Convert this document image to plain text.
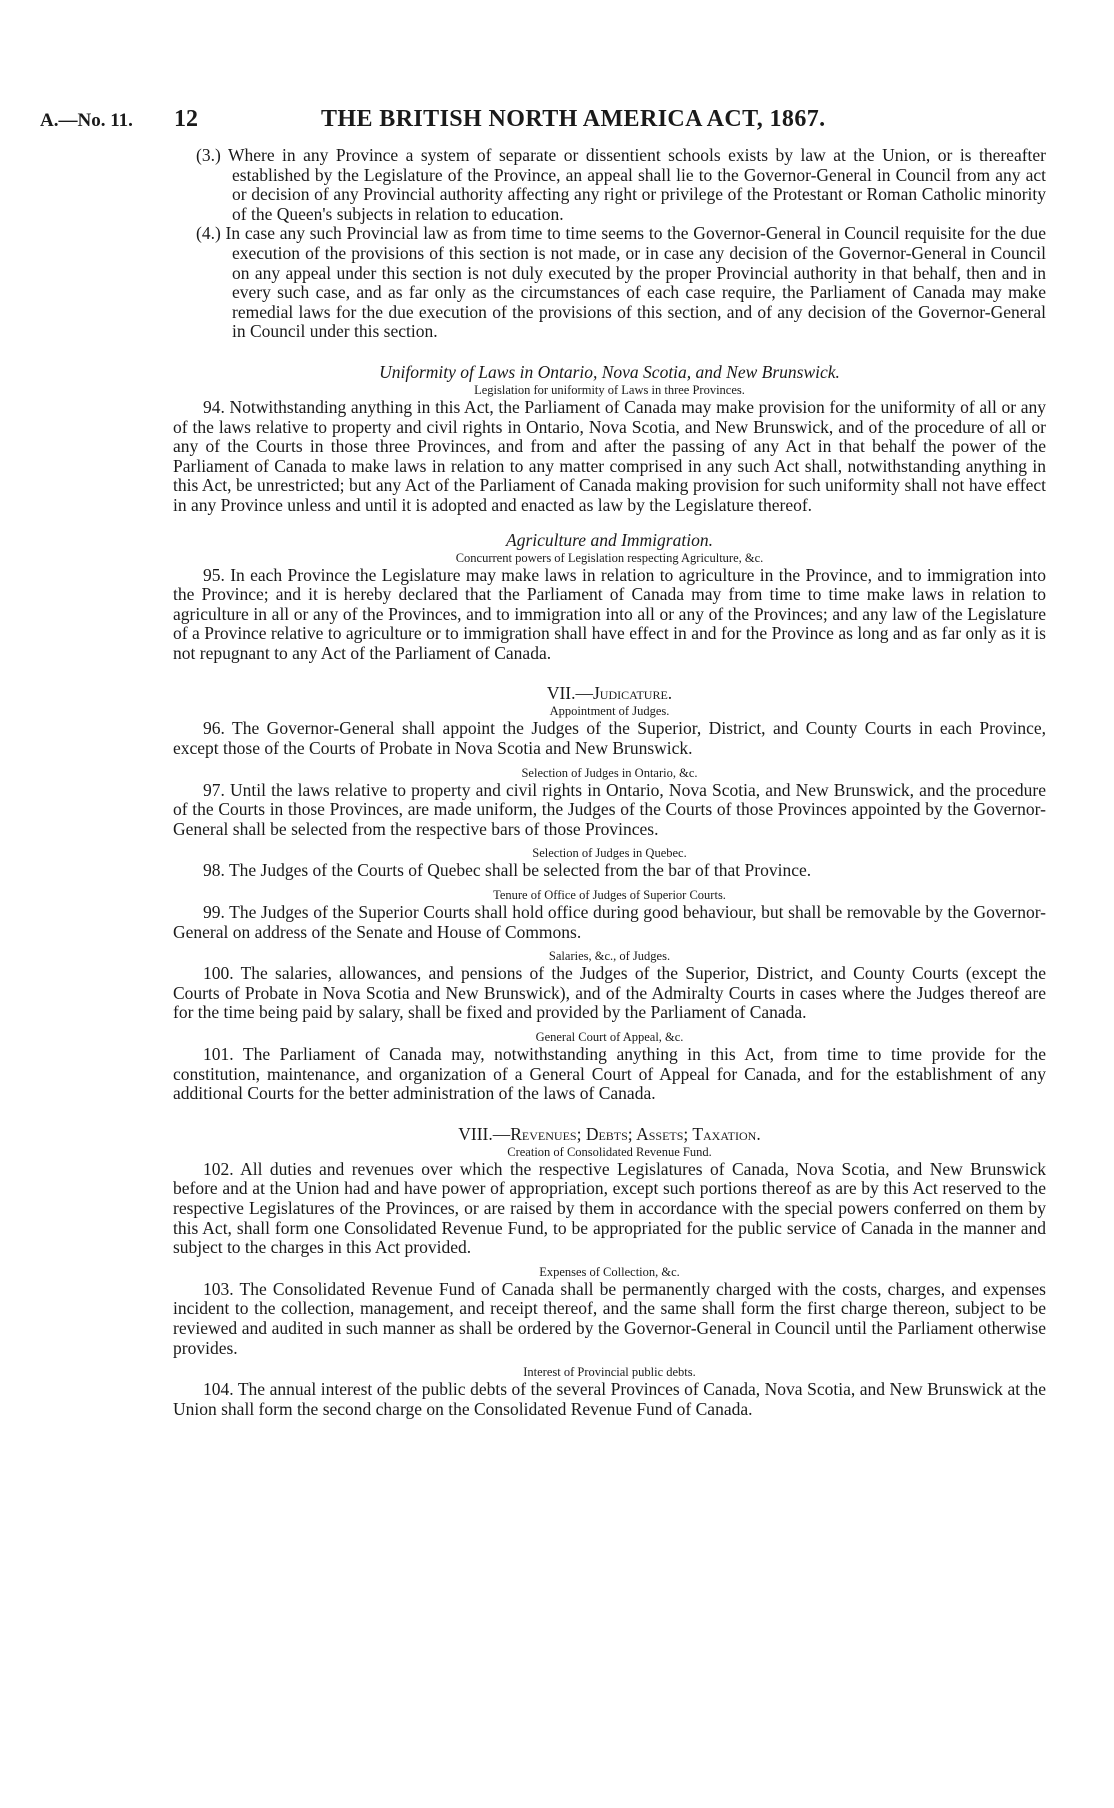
A.—No. 11. 12	THE BRITISH NORTH AMERICA ACT, 1867.

(3.) Where in any Province a system of separate or dissentient schools exists by law at the Union, or is thereafter established by the Legislature of the Province, an appeal shall lie to the Governor-General in Council from any act or decision of any Provincial authority affecting any right or privilege of the Protestant or Roman Catholic minority of the Queen's subjects in relation to education.

(4.) In case any such Provincial law as from time to time seems to the Governor-General in Council requisite for the due execution of the provisions of this section is not made, or in case any decision of the Governor-General in Council on any appeal under this section is not duly executed by the proper Provincial authority in that behalf, then and in every such case, and as far only as the circumstances of each case require, the Parliament of Canada may make remedial laws for the due execution of the provisions of this section, and of any decision of the Governor-General in Council under this section.

Uniformity of Laws in Ontario, Nova Scotia, and New Brunswick.

Legislation for uniformity of Laws in three Provinces.

94. Notwithstanding anything in this Act, the Parliament of Canada may make provision for the uniformity of all or any of the laws relative to property and civil rights in Ontario, Nova Scotia, and New Brunswick, and of the procedure of all or any of the Courts in those three Provinces, and from and after the passing of any Act in that behalf the power of the Parliament of Canada to make laws in relation to any matter comprised in any such Act shall, notwithstanding anything in this Act, be unrestricted; but any Act of the Parliament of Canada making provision for such uniformity shall not have effect in any Province unless and until it is adopted and enacted as law by the Legislature thereof.

Agriculture and Immigration.

Concurrent powers of Legislation respecting Agriculture, &c.

95. In each Province the Legislature may make laws in relation to agriculture in the Province, and to immigration into the Province; and it is hereby declared that the Parliament of Canada may from time to time make laws in relation to agriculture in all or any of the Provinces, and to immigration into all or any of the Provinces; and any law of the Legislature of a Province relative to agriculture or to immigration shall have effect in and for the Province as long and as far only as it is not repugnant to any Act of the Parliament of Canada.

VII.—Judicature.

Appointment of Judges.

96. The Governor-General shall appoint the Judges of the Superior, District, and County Courts in each Province, except those of the Courts of Probate in Nova Scotia and New Brunswick.

Selection of Judges in Ontario, &c.

97. Until the laws relative to property and civil rights in Ontario, Nova Scotia, and New Brunswick, and the procedure of the Courts in those Provinces, are made uniform, the Judges of the Courts of those Provinces appointed by the Governor-General shall be selected from the respective bars of those Provinces.

Selection of Judges in Quebec.

98. The Judges of the Courts of Quebec shall be selected from the bar of that Province.

Tenure of Office of Judges of Superior Courts.

99. The Judges of the Superior Courts shall hold office during good behaviour, but shall be removable by the Governor-General on address of the Senate and House of Commons.

Salaries, &c., of Judges.

100. The salaries, allowances, and pensions of the Judges of the Superior, District, and County Courts (except the Courts of Probate in Nova Scotia and New Brunswick), and of the Admiralty Courts in cases where the Judges thereof are for the time being paid by salary, shall be fixed and provided by the Parliament of Canada.

General Court of Appeal, &c.

101. The Parliament of Canada may, notwithstanding anything in this Act, from time to time provide for the constitution, maintenance, and organization of a General Court of Appeal for Canada, and for the establishment of any additional Courts for the better administration of the laws of Canada.

VIII.—Revenues; Debts; Assets; Taxation.

Creation of Consolidated Revenue Fund.

102. All duties and revenues over which the respective Legislatures of Canada, Nova Scotia, and New Brunswick before and at the Union had and have power of appropriation, except such portions thereof as are by this Act reserved to the respective Legislatures of the Provinces, or are raised by them in accordance with the special powers conferred on them by this Act, shall form one Consolidated Revenue Fund, to be appropriated for the public service of Canada in the manner and subject to the charges in this Act provided.

Expenses of Collection, &c.

103. The Consolidated Revenue Fund of Canada shall be permanently charged with the costs, charges, and expenses incident to the collection, management, and receipt thereof, and the same shall form the first charge thereon, subject to be reviewed and audited in such manner as shall be ordered by the Governor-General in Council until the Parliament otherwise provides.

Interest of Provincial public debts.

104. The annual interest of the public debts of the several Provinces of Canada, Nova Scotia, and New Brunswick at the Union shall form the second charge on the Consolidated Revenue Fund of Canada.
